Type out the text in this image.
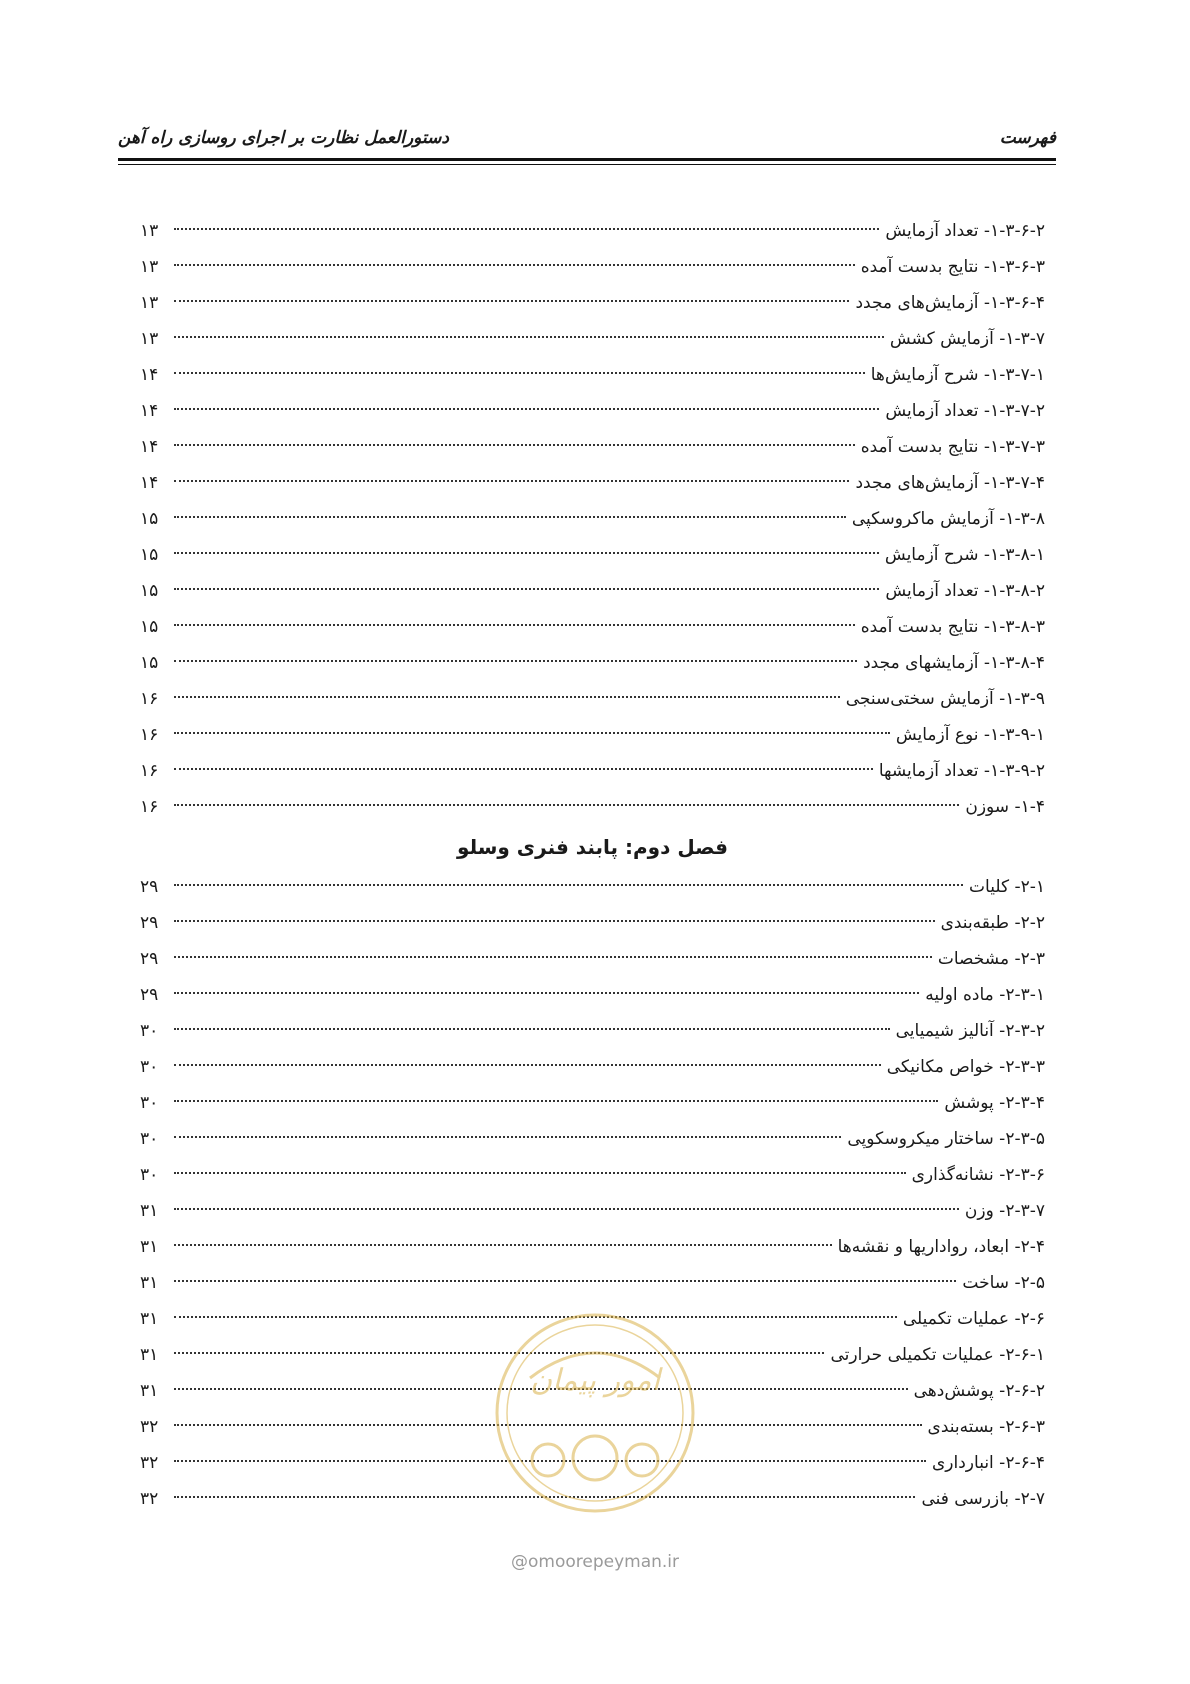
فهرست
دستورالعمل نظارت بر اجرای روسازی راه آهن
۱-۳-۶-۲- تعداد آزمایش
۱۳
۱-۳-۶-۳- نتایج بدست آمده
۱۳
۱-۳-۶-۴- آزمایش‌های مجدد
۱۳
۱-۳-۷- آزمایش کشش
۱۳
۱-۳-۷-۱- شرح آزمایش‌ها
۱۴
۱-۳-۷-۲- تعداد آزمایش
۱۴
۱-۳-۷-۳- نتایج بدست آمده
۱۴
۱-۳-۷-۴- آزمایش‌های مجدد
۱۴
۱-۳-۸- آزمایش ماکروسکپی
۱۵
۱-۳-۸-۱- شرح آزمایش
۱۵
۱-۳-۸-۲- تعداد آزمایش
۱۵
۱-۳-۸-۳- نتایج بدست آمده
۱۵
۱-۳-۸-۴- آزمایشهای مجدد
۱۵
۱-۳-۹- آزمایش سختی‌سنجی
۱۶
۱-۳-۹-۱- نوع آزمایش
۱۶
۱-۳-۹-۲- تعداد آزمایشها
۱۶
۱-۴- سوزن
۱۶
فصل دوم: پابند فنری وسلو
۲-۱- کلیات
۲۹
۲-۲- طبقه‌بندی
۲۹
۲-۳- مشخصات
۲۹
۲-۳-۱- ماده اولیه
۲۹
۲-۳-۲- آنالیز شیمیایی
۳۰
۲-۳-۳- خواص مکانیکی
۳۰
۲-۳-۴- پوشش
۳۰
۲-۳-۵- ساختار میکروسکوپی
۳۰
۲-۳-۶- نشانه‌گذاری
۳۰
۲-۳-۷- وزن
۳۱
۲-۴- ابعاد، رواداریها و نقشه‌ها
۳۱
۲-۵- ساخت
۳۱
۲-۶- عملیات تکمیلی
۳۱
۲-۶-۱- عملیات تکمیلی حرارتی
۳۱
۲-۶-۲- پوشش‌دهی
۳۱
۲-۶-۳- بسته‌بندی
۳۲
۲-۶-۴- انبارداری
۳۲
۲-۷- بازرسی فنی
۳۲
امور پیمان
@omoorepeyman.ir
